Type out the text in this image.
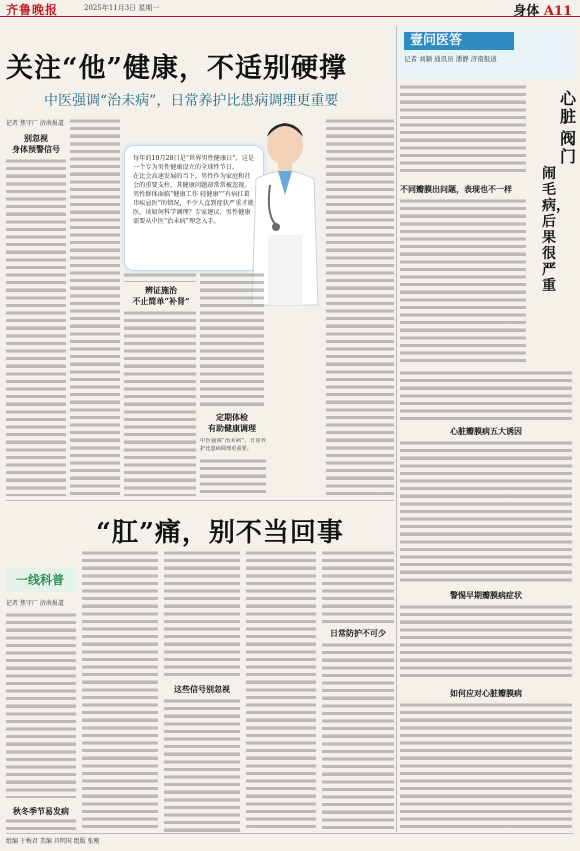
齐鲁晚报	2025年11月3日 星期一	身体 A11
关注“他”健康，不适别硬撑
中医强调“治未病”，日常养护比患病调理更重要
记者 焦守广 济南报道
别忽视
身体预警信号
每年的10月28日是“世界男性健康日”，这是一个专为男性健康设立的全球性节日。
在比会高速发展的当下，男性作为家庭和社会的重要支柱，其健康问题却常常被忽视。男性群体面临“健康工作 轻健康”“有病扛着 讳疾忌医”的情况，不少人直到症状严重才就医。该如何科学调理？专家建议，男性健康需要从中医“治未病”理念入手。
辨证施治
不止简单“补肾”
定期体检
有助健康调理
中医强调“治未病”，日常养护比患病调理更重要。
壹问医答
记者 刘颖 通讯员 潘静 济南报道
心脏
阀门
闹毛病，后果很严重
不同瓣膜出问题，表现也不一样
心脏瓣膜病五大诱因
警惕早期瓣膜病症状
如何应对心脏瓣膜病
“肛”痛，别不当回事
一线科普
记者 焦守广 济南报道
秋冬季节易发病
这些信号别忽视
日常防护不可少
组编 于梅君 美编 具明国 组版 张刚
